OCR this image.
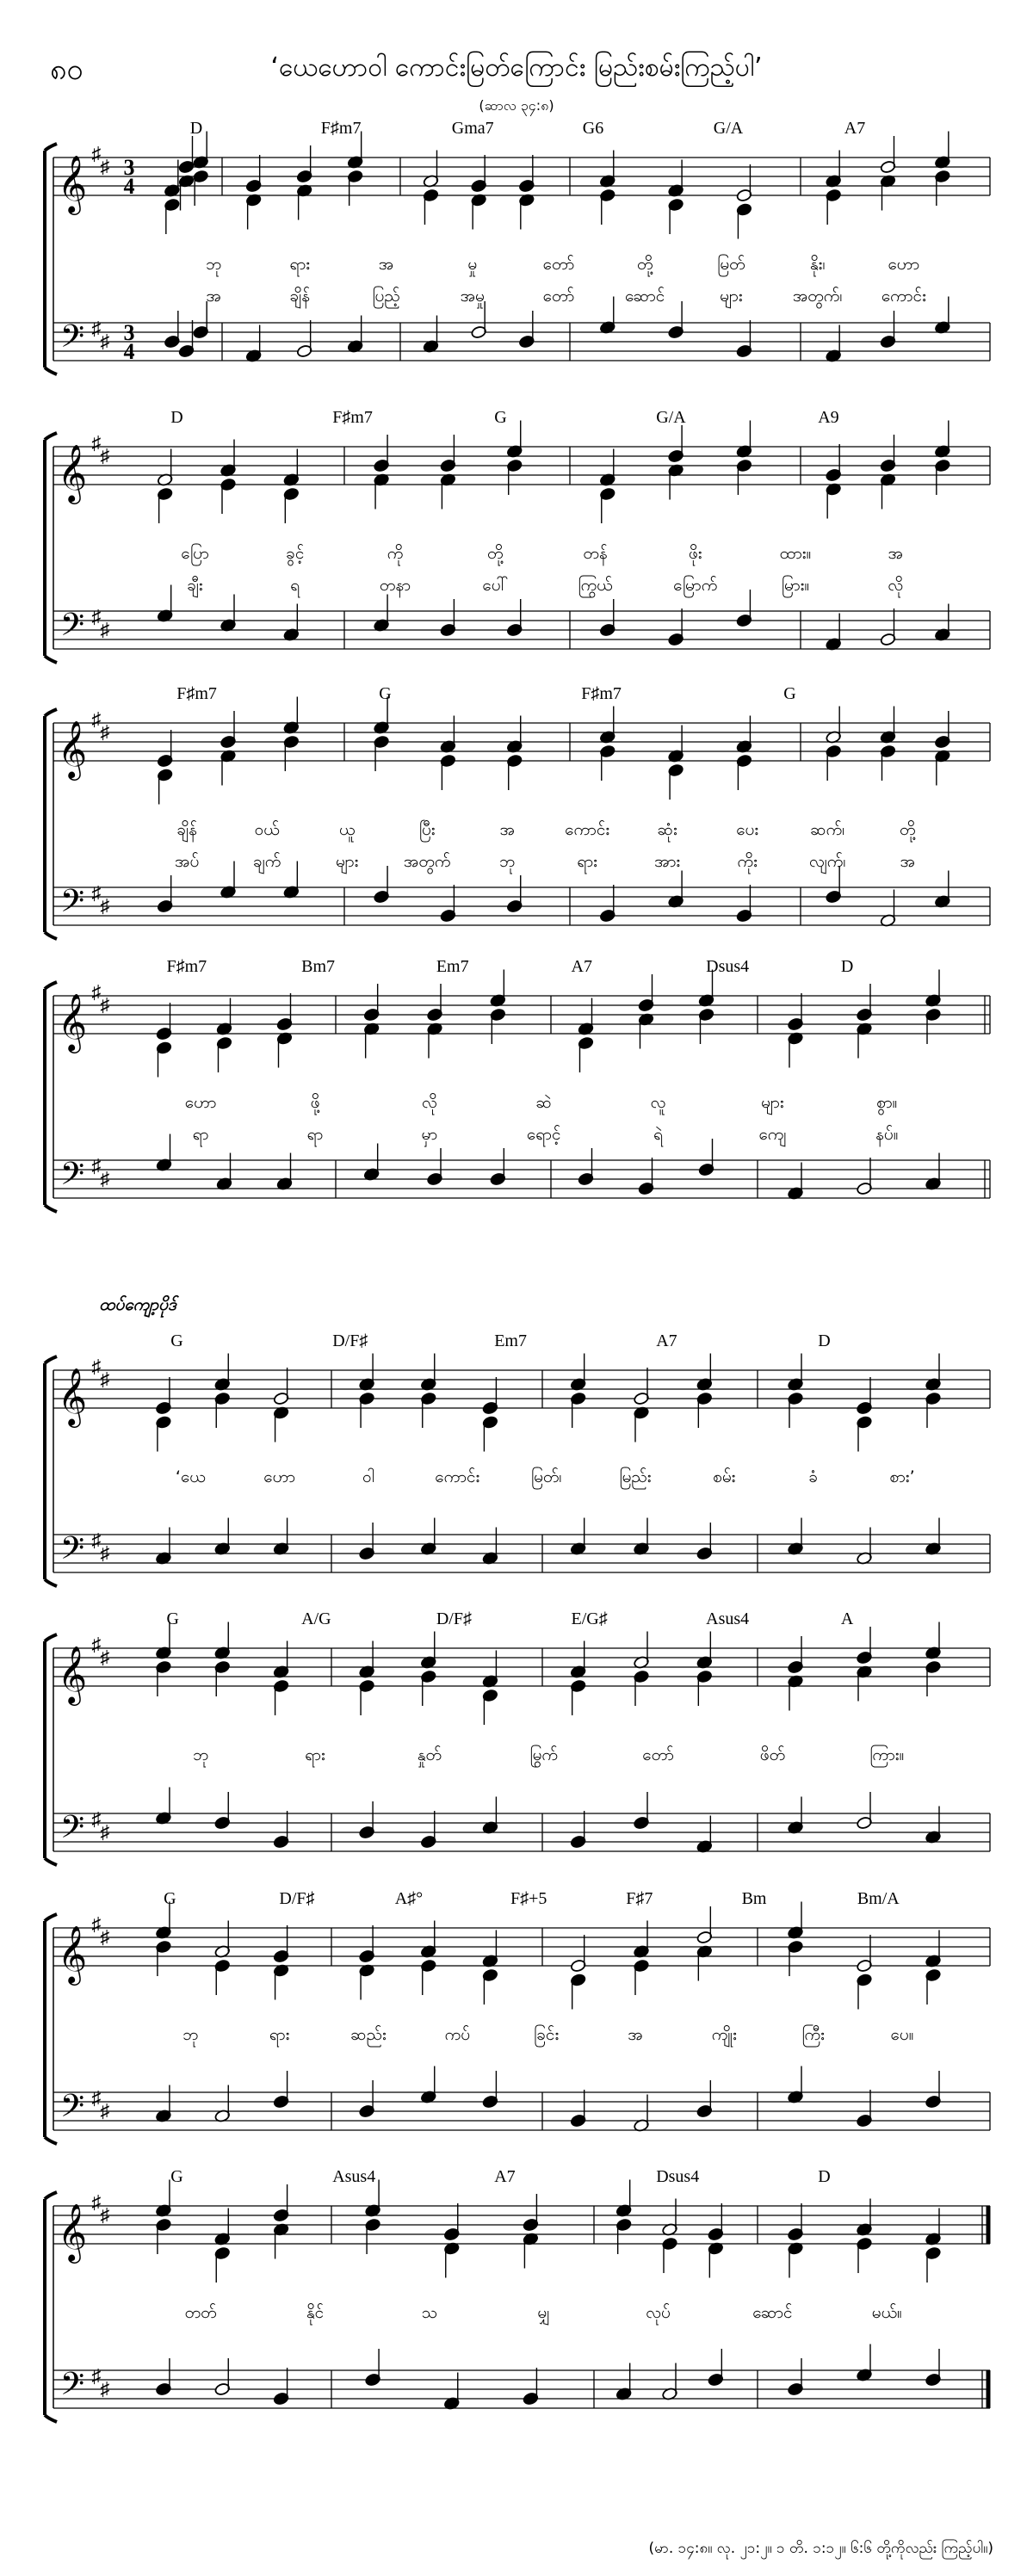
၈၀	‘ယေဟောဝါ ကောင်းမြတ်ကြောင်း မြည်းစမ်းကြည့်ပါ’
(ဆာလ ၃၄:၈)
𝄞
𝄢
♯
♯
♯
♯
3
4
3
4
D	F♯m7	Gma7	G6	G/A	A7
ဘု	ရား	အ	မှု	တော်	တို့	မြတ်	နိုး၊	ဟော
အ	ချိန်	ပြည့်	အမှု	တော်	ဆောင်	များ	အတွက်၊ ကောင်း
𝄞
𝄢
♯
♯
♯
♯
D	F♯m7	G	G/A	A9
ပြော	ခွင့်	ကို	တို့	တန်	ဖိုး	ထား။	အ
ချီး	ရ	တနာ	ပေါ်	ကြွယ်	မြောက်	မြား။	လို
𝄞
𝄢
♯
♯
♯
♯
F♯m7	G	F♯m7	G
ချိန်	ဝယ်	ယူ	ပြီး	အ	ကောင်း	ဆုံး	ပေး	ဆက်၊	တို့
အပ်	ချက်	များ	အတွက်	ဘု	ရား	အား	ကိုး	လျက်၊	အ
𝄞
𝄢
♯
♯
♯
♯
F♯m7	Bm7	Em7	A7	Dsus4	D
ဟော	ဖို့	လို	ဆဲ	လူ	များ	စွာ။
ရာ	ရာ	မှာ	ရောင့်	ရဲ	ကျေ	နပ်။
𝄞
𝄢
♯
♯
♯
♯
ထပ်ကျော့ပိုဒ်
G	D/F♯	Em7	A7	D
‘ယေ	ဟော	ဝါ	ကောင်း	မြတ်၊	မြည်း	စမ်း	ခံ	စား’
𝄞
𝄢
♯
♯
♯
♯
G	A/G	D/F♯	E/G♯	Asus4	A
ဘု	ရား	နှုတ်	မြွက်	တော်	ဖိတ်	ကြား။
𝄞
𝄢
♯
♯
♯
♯
G	D/F♯	A♯°	F♯+5	F♯7	Bm	Bm/A
ဘု	ရား	ဆည်း	ကပ်	ခြင်း	အ	ကျိုး	ကြီး	ပေ။
𝄞
𝄢
♯
♯
♯
♯
G	Asus4	A7	Dsus4	D
တတ်	နိုင်	သ	မျှ	လုပ်	ဆောင်	မယ်။
(မာ. ၁၄:၈။ လု. ၂၁:၂။ ၁ တိ. ၁:၁၂။ ၆:၆ တို့ကိုလည်း ကြည့်ပါ။)
